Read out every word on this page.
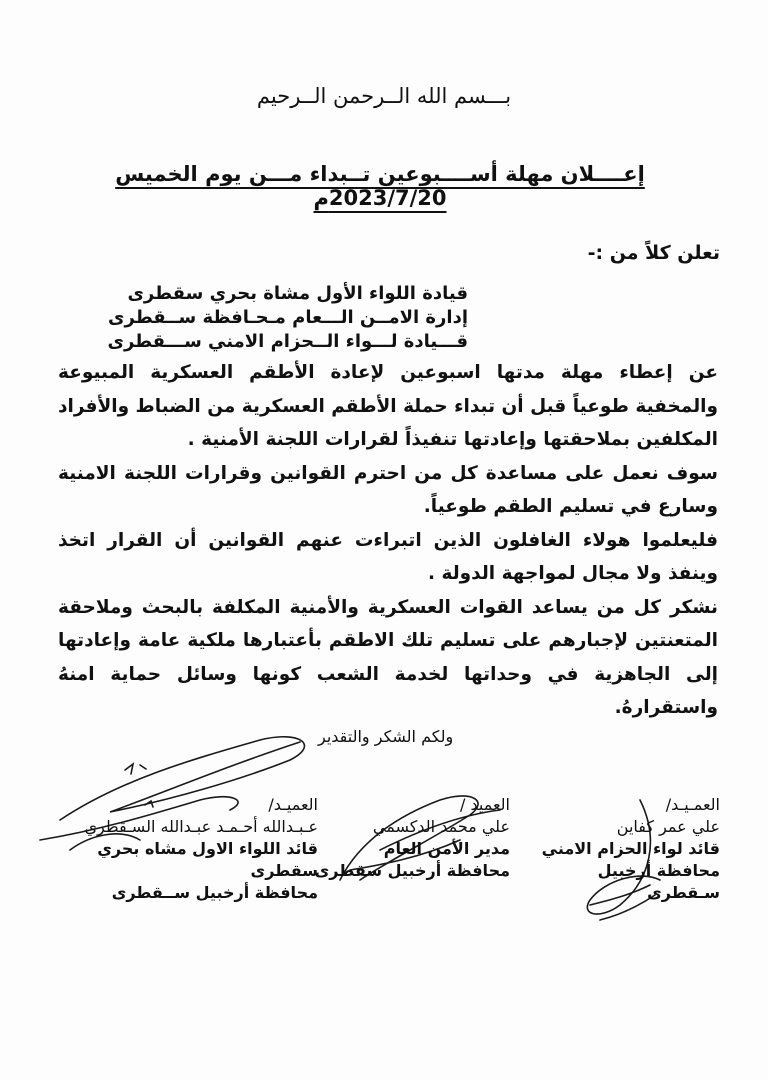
بـــسم الله الــرحمن الــرحيم
إعــــلان مهلة أســــبوعين تــبداء مـــن يوم الخميس 2023/7/20م
تعلن كلاً من :-
قيادة اللواء الأول مشاة بحري سقطرى
إدارة الامــن الـــعام مـحـافظة ســقطرى
قـــيادة لـــواء الــحزام الامني ســـقطرى

عن إعطاء مهلة مدتها اسبوعين لإعادة الأطقم العسكرية المبيوعة والمخفية طوعياً قبل أن تبداء حملة الأطقم العسكرية من الضباط والأفراد المكلفين بملاحقتها وإعادتها تنفيذاً لقرارات اللجنة الأمنية .

سوف نعمل على مساعدة كل من احترم القوانين وقرارات اللجنة الامنية وسارع في تسليم الطقم طوعياً.

فليعلموا هولاء الغافلون الذين اتبراءت عنهم القوانين أن القرار اتخذ وينفذ ولا مجال لمواجهة الدولة .

نشكر كل من يساعد القوات العسكرية والأمنية المكلفة بالبحث وملاحقة المتعنتين لإجبارهم على تسليم تلك الاطقم بأعتبارها ملكية عامة وإعادتها إلى الجاهزية في وحداتها لخدمة الشعب كونها وسائل حماية امنهُ واستقرارهُ.

ولكم الشكر والتقدير
العمـيـد/
علي عمر كفاين
قائد لواء الحزام الامني
محافظة أرخبيل سـقطرى
العميد /
علي محمد الدكسمي
مدير الأمن العام
محافظة أرخبيل سقطرى
العميـد/
عـبـدالله أحـمـد عبـدالله السـقطري
قائد اللواء الاول مشاه بحري سقطرى
محافظة أرخبيل ســقطرى
